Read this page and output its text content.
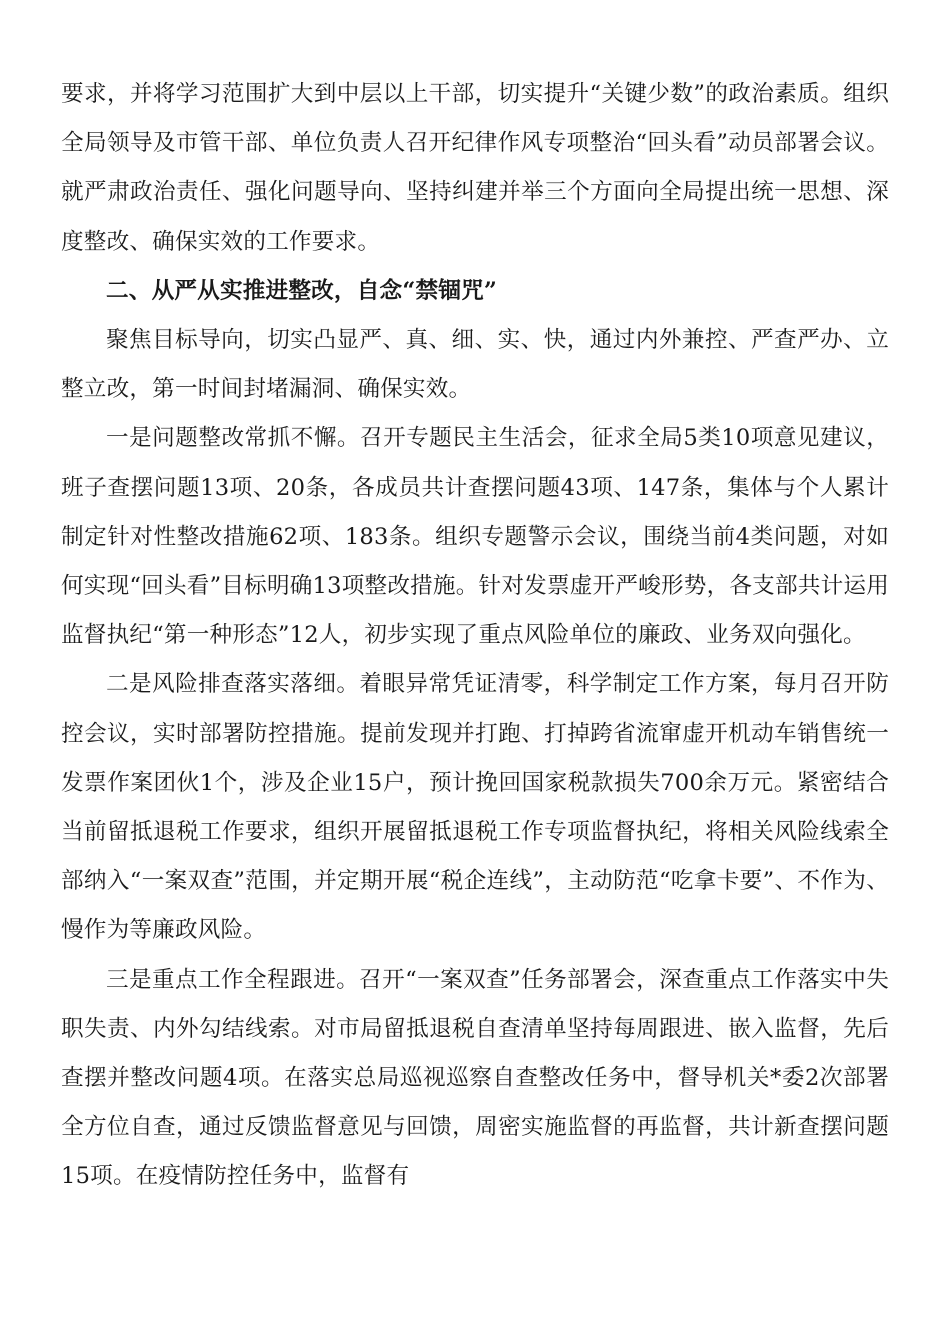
要求，并将学习范围扩大到中层以上干部，切实提升“关键少数”的政治素质。组织全局领导及市管干部、单位负责人召开纪律作风专项整治“回头看”动员部署会议。就严肃政治责任、强化问题导向、坚持纠建并举三个方面向全局提出统一思想、深度整改、确保实效的工作要求。

二、从严从实推进整改，自念“禁锢咒”

聚焦目标导向，切实凸显严、真、细、实、快，通过内外兼控、严查严办、立整立改，第一时间封堵漏洞、确保实效。

一是问题整改常抓不懈。召开专题民主生活会，征求全局5类10项意见建议，班子查摆问题13项、20条，各成员共计查摆问题43项、147条，集体与个人累计制定针对性整改措施62项、183条。组织专题警示会议，围绕当前4类问题，对如何实现“回头看”目标明确13项整改措施。针对发票虚开严峻形势，各支部共计运用监督执纪“第一种形态”12人，初步实现了重点风险单位的廉政、业务双向强化。

二是风险排查落实落细。着眼异常凭证清零，科学制定工作方案，每月召开防控会议，实时部署防控措施。提前发现并打跑、打掉跨省流窜虚开机动车销售统一发票作案团伙1个，涉及企业15户，预计挽回国家税款损失700余万元。紧密结合当前留抵退税工作要求，组织开展留抵退税工作专项监督执纪，将相关风险线索全部纳入“一案双查”范围，并定期开展“税企连线”，主动防范“吃拿卡要”、不作为、慢作为等廉政风险。

三是重点工作全程跟进。召开“一案双查”任务部署会，深查重点工作落实中失职失责、内外勾结线索。对市局留抵退税自查清单坚持每周跟进、嵌入监督，先后查摆并整改问题4项。在落实总局巡视巡察自查整改任务中，督导机关*委2次部署全方位自查，通过反馈监督意见与回馈，周密实施监督的再监督，共计新查摆问题15项。在疫情防控任务中，监督有
